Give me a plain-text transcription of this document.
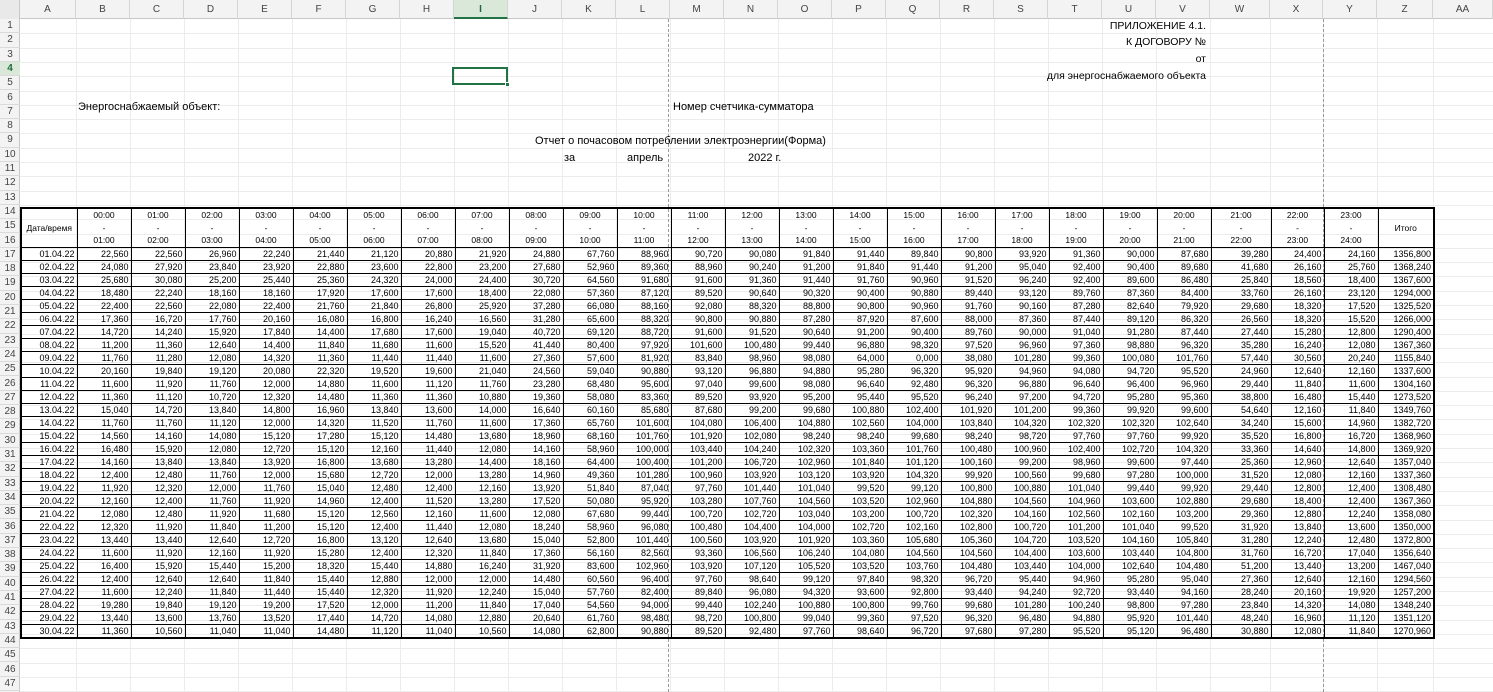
A	B	C	D	E	F	G	H	I	J	K	L	M	N	O	P	Q	R	S	T	U	V	W	X	Y	Z	AA
1
2
3
4
5
6
7
8
9
10
11
12
13
14
15
16
17
18
19
20
21
22
23
24
25
26
27
28
29
30
31
32
33
34
35
36
37
38
39
40
41
42
43
44
45
46
47
ПРИЛОЖЕНИЕ 4.1.
К ДОГОВОРУ №
от
для энергоснабжаемого объекта
Энергоснабжаемый объект:	Номер счетчика-сумматора
Отчет о почасовом потреблении электроэнергии(Форма)
за	апрель	2022 г.
	00:00	01:00	02:00	03:00	04:00	05:00	06:00	07:00	08:00	09:00	10:00	11:00	12:00	13:00	14:00	15:00	16:00	17:00	18:00	19:00	20:00	21:00	22:00	23:00	
Дата/время	-	-	-	-	-	-	-	-	-	-	-	-	-	-	-	-	-	-	-	-	-	-	-	-	Итого
	01:00	02:00	03:00	04:00	05:00	06:00	07:00	08:00	09:00	10:00	11:00	12:00	13:00	14:00	15:00	16:00	17:00	18:00	19:00	20:00	21:00	22:00	23:00	24:00	
01.04.22	22,560	22,560	26,960	22,240	21,440	21,120	20,880	21,920	24,880	67,760	88,960	90,720	90,080	91,840	91,440	89,840	90,800	93,920	91,360	90,000	87,680	39,280	24,400	24,160	1356,800
02.04.22	24,080	27,920	23,840	23,920	22,880	23,600	22,800	23,200	27,680	52,960	89,360	88,960	90,240	91,200	91,840	91,440	91,200	95,040	92,400	90,400	89,680	41,680	26,160	25,760	1368,240
03.04.22	25,680	30,080	25,200	25,440	25,360	24,320	24,000	24,400	30,720	64,560	91,680	91,600	91,360	91,440	91,760	90,960	91,520	96,240	92,400	89,600	86,480	25,840	18,560	18,400	1367,600
04.04.22	18,480	22,240	18,160	18,160	17,920	17,600	17,600	18,400	22,080	57,360	87,120	89,520	90,640	90,320	90,400	90,880	89,440	93,120	89,760	87,360	84,400	33,760	26,160	23,120	1294,000
05.04.22	22,400	22,560	22,080	22,400	21,760	21,840	26,800	25,920	37,280	66,080	88,160	92,080	88,320	88,800	90,800	90,960	91,760	90,160	87,280	82,640	79,920	29,680	18,320	17,520	1325,520
06.04.22	17,360	16,720	17,760	20,160	16,080	16,800	16,240	16,560	31,280	65,600	88,320	90,800	90,880	87,280	87,920	87,600	88,000	87,360	87,440	89,120	86,320	26,560	18,320	15,520	1266,000
07.04.22	14,720	14,240	15,920	17,840	14,400	17,680	17,600	19,040	40,720	69,120	88,720	91,600	91,520	90,640	91,200	90,400	89,760	90,000	91,040	91,280	87,440	27,440	15,280	12,800	1290,400
08.04.22	11,200	11,360	12,640	14,400	11,840	11,680	11,600	15,520	41,440	80,400	97,920	101,600	100,480	99,440	96,880	98,320	97,520	96,960	97,360	98,880	96,320	35,280	16,240	12,080	1367,360
09.04.22	11,760	11,280	12,080	14,320	11,360	11,440	11,440	11,600	27,360	57,600	81,920	83,840	98,960	98,080	64,000	0,000	38,080	101,280	99,360	100,080	101,760	57,440	30,560	20,240	1155,840
10.04.22	20,160	19,840	19,120	20,080	22,320	19,520	19,600	21,040	24,560	59,040	90,880	93,120	96,880	94,880	95,280	96,320	95,920	94,960	94,080	94,720	95,520	24,960	12,640	12,160	1337,600
11.04.22	11,600	11,920	11,760	12,000	14,880	11,600	11,120	11,760	23,280	68,480	95,600	97,040	99,600	98,080	96,640	92,480	96,320	96,880	96,640	96,400	96,960	29,440	11,840	11,600	1304,160
12.04.22	11,360	11,120	10,720	12,320	14,480	11,360	11,360	10,880	19,360	58,080	83,360	89,520	93,920	95,200	95,440	95,520	96,240	97,200	94,720	95,280	95,360	38,800	16,480	15,440	1273,520
13.04.22	15,040	14,720	13,840	14,800	16,960	13,840	13,600	14,000	16,640	60,160	85,680	87,680	99,200	99,680	100,880	102,400	101,920	101,200	99,360	99,920	99,600	54,640	12,160	11,840	1349,760
14.04.22	11,760	11,760	11,120	12,000	14,320	11,520	11,760	11,600	17,360	65,760	101,600	104,080	106,400	104,880	102,560	104,000	103,840	104,320	102,320	102,320	102,640	34,240	15,600	14,960	1382,720
15.04.22	14,560	14,160	14,080	15,120	17,280	15,120	14,480	13,680	18,960	68,160	101,760	101,920	102,080	98,240	98,240	99,680	98,240	98,720	97,760	97,760	99,920	35,520	16,800	16,720	1368,960
16.04.22	16,480	15,920	12,080	12,720	15,120	12,160	11,440	12,080	14,160	58,960	100,000	103,440	104,240	102,320	103,360	101,760	100,480	100,960	102,400	102,720	104,320	33,360	14,640	14,800	1369,920
17.04.22	14,160	13,840	13,840	13,920	16,800	13,680	13,280	14,400	18,160	64,400	100,400	101,200	106,720	102,960	101,840	101,120	100,160	99,200	98,960	99,600	97,440	25,360	12,960	12,640	1357,040
18.04.22	12,400	12,480	11,760	12,000	15,680	12,720	12,000	13,280	14,960	49,360	101,280	100,960	103,920	103,120	103,920	104,320	99,920	100,560	99,680	97,280	100,000	31,520	12,080	12,160	1337,360
19.04.22	11,920	12,320	12,000	11,760	15,040	12,480	12,400	12,160	13,920	51,840	87,040	97,760	101,440	101,040	99,520	99,120	100,800	100,880	101,040	99,440	99,920	29,440	12,800	12,400	1308,480
20.04.22	12,160	12,400	11,760	11,920	14,960	12,400	11,520	13,280	17,520	50,080	95,920	103,280	107,760	104,560	103,520	102,960	104,880	104,560	104,960	103,600	102,880	29,680	18,400	12,400	1367,360
21.04.22	12,080	12,480	11,920	11,680	15,120	12,560	12,160	11,600	12,080	67,680	99,440	100,720	102,720	103,040	103,200	100,720	102,320	104,160	102,560	102,160	103,200	29,360	12,880	12,240	1358,080
22.04.22	12,320	11,920	11,840	11,200	15,120	12,400	11,440	12,080	18,240	58,960	96,080	100,480	104,400	104,000	102,720	102,160	102,800	100,720	101,200	101,040	99,520	31,920	13,840	13,600	1350,000
23.04.22	13,440	13,440	12,640	12,720	16,800	13,120	12,640	13,680	15,040	52,800	101,440	100,560	103,920	101,920	103,360	105,680	105,360	104,720	103,520	104,160	105,840	31,280	12,240	12,480	1372,800
24.04.22	11,600	11,920	12,160	11,920	15,280	12,400	12,320	11,840	17,360	56,160	82,560	93,360	106,560	106,240	104,080	104,560	104,560	104,400	103,600	103,440	104,800	31,760	16,720	17,040	1356,640
25.04.22	16,400	15,920	15,440	15,200	18,320	15,440	14,880	16,240	31,920	83,600	102,960	103,920	107,120	105,520	103,520	103,760	104,480	103,440	104,000	102,640	104,480	51,200	13,440	13,200	1467,040
26.04.22	12,400	12,640	12,640	11,840	15,440	12,880	12,000	12,000	14,480	60,560	96,400	97,760	98,640	99,120	97,840	98,320	96,720	95,440	94,960	95,280	95,040	27,360	12,640	12,160	1294,560
27.04.22	11,600	12,240	11,840	11,440	15,440	12,320	11,920	12,240	15,040	57,760	82,400	89,840	96,080	94,320	93,600	92,800	93,440	94,240	92,720	93,440	94,160	28,240	20,160	19,920	1257,200
28.04.22	19,280	19,840	19,120	19,200	17,520	12,000	11,200	11,840	17,040	54,560	94,000	99,440	102,240	100,880	100,800	99,760	99,680	101,280	100,240	98,800	97,280	23,840	14,320	14,080	1348,240
29.04.22	13,440	13,600	13,760	13,520	17,440	14,720	14,080	12,880	20,640	61,760	98,480	98,720	100,800	99,040	99,360	97,520	96,320	96,480	94,880	95,920	101,440	48,240	16,960	11,120	1351,120
30.04.22	11,360	10,560	11,040	11,040	14,480	11,120	11,040	10,560	14,080	62,800	90,880	89,520	92,480	97,760	98,640	96,720	97,680	97,280	95,520	95,120	96,480	30,880	12,080	11,840	1270,960
